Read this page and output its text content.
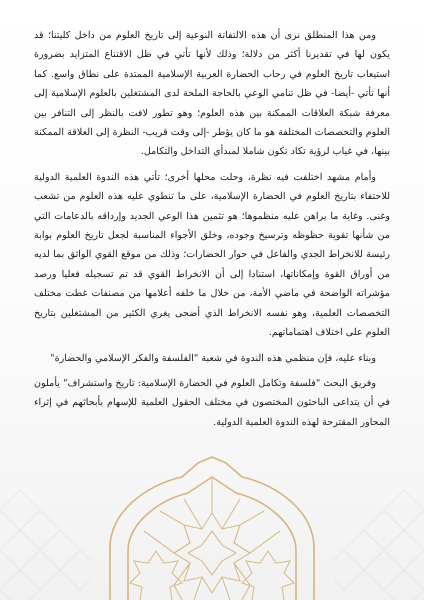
ومن هذا المنطلق نرى أن هذه الالتفاتة النوعية إلى تاريخ العلوم من داخل كليتنا؛ قد يكون لها في تقديرنا أكثر من دلالة؛ وذلك لأنها تأتي في ظل الاقتناع المتزايد بضرورة استيعاب تاريخ العلوم في رحاب الحضارة العربية الإسلامية الممتدة على نطاق واسع. كما أنها تأتي -أيضا- في ظل تنامي الوعي بالحاجة الملحة لدى المشتغلين بالعلوم الإسلامية إلى معرفة شبكة العلاقات الممكنة بين هذه العلوم؛ وهو تطور لافت بالنظر إلى التنافر بين العلوم والتخصصات المختلفة هو ما كان يؤطر -إلى وقت قريب- النظرة إلى العلاقة الممكنة بينها، في غياب لرؤية تكاد تكون شاملا لمبدأي التداخل والتكامل.

وأمام مشهد اختلفت فيه نظرة، وحلت محلها أخرى؛ تأتي هذه الندوة العلمية الدولية للاحتفاء بتاريخ العلوم في الحضارة الإسلامية، على ما تنطوي عليه هذه العلوم من تشعب وغنى. وغاية ما يراهن عليه منظموها؛ هو تثمين هذا الوعي الجديد وإرداقه بالدعامات التي من شأنها تقوية حظوظه وترسيخ وجوده، وخلق الأجواء المناسبة لجعل تاريخ العلوم بوابة رئيسة للانخراط الجدي والفاعل في حوار الحضارات؛ وذلك من موقع القوي الواثق بما لديه من أوراق القوة وإمكاناتها، استنادا إلى أن الانخراط القوي قد تم تسجيله فعليا ورصد مؤشراته الواضحة في ماضي الأمة، من خلال ما خلفه أعلامها من مصنفات غطت مختلف التخصصات العلمية، وهو نفسه الانخراط الذي أضحى يغري الكثير من المشتغلين بتاريخ العلوم على اختلاف اهتماماتهم.

وبناء عليه، فإن منظمي هذه الندوة في شعبة "الفلسفة والفكر الإسلامي والحضارة"

وفريق البحث "فلسفة وتكامل العلوم في الحضارة الإسلامية: تاريخ واستشراف" يأملون في أن يتداعى الباحثون المختصون في مختلف الحقول العلمية للإسهام بأبحاثهم في إثراء المحاور المقترحة لهذه الندوة العلمية الدولية.
